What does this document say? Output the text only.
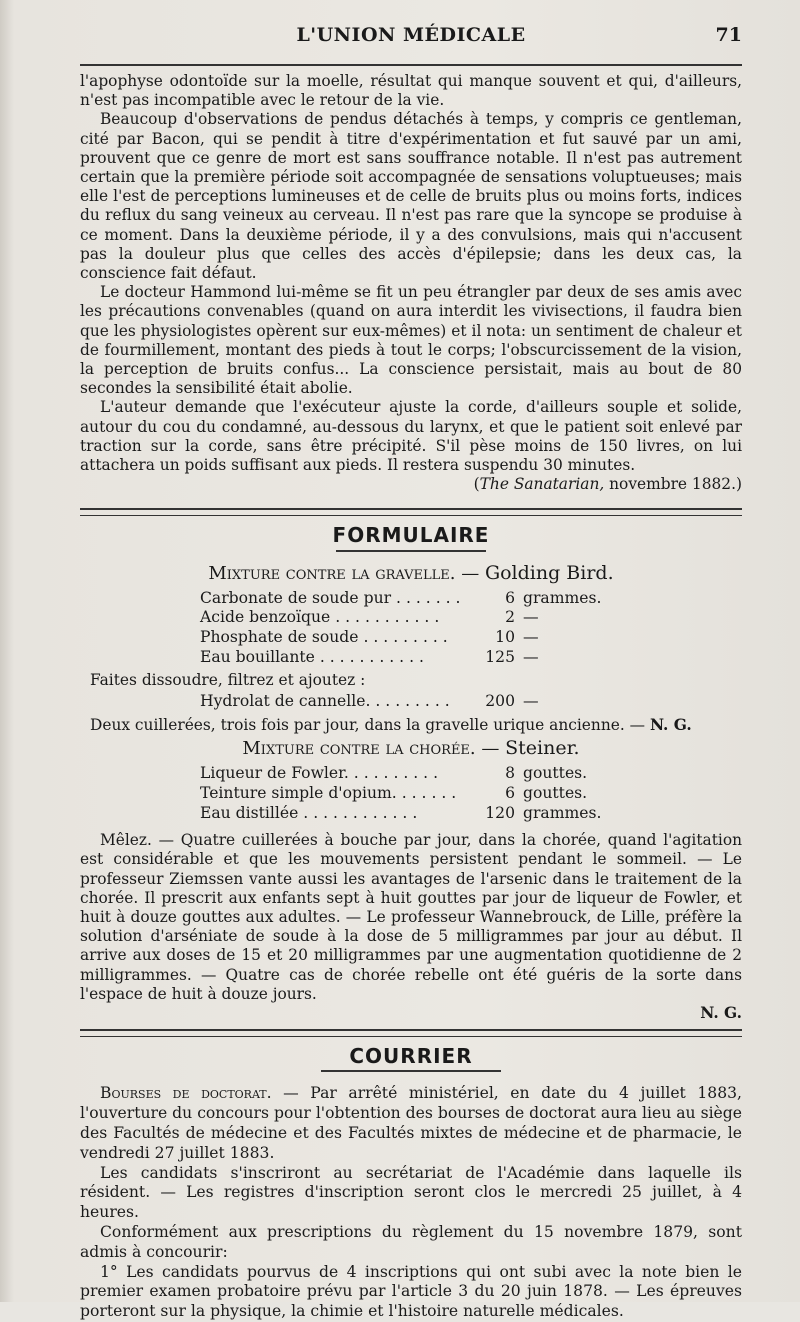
L'UNION MÉDICALE	71

l'apophyse odontoïde sur la moelle, résultat qui manque souvent et qui, d'ailleurs, n'est pas incompatible avec le retour de la vie.

Beaucoup d'observations de pendus détachés à temps, y compris ce gentleman, cité par Bacon, qui se pendit à titre d'expérimentation et fut sauvé par un ami, prouvent que ce genre de mort est sans souffrance notable. Il n'est pas autrement certain que la première période soit accompagnée de sensations voluptueuses; mais elle l'est de perceptions lumineuses et de celle de bruits plus ou moins forts, indices du reflux du sang veineux au cerveau. Il n'est pas rare que la syncope se produise à ce moment. Dans la deuxième période, il y a des convulsions, mais qui n'accusent pas la douleur plus que celles des accès d'épilepsie; dans les deux cas, la conscience fait défaut.

Le docteur Hammond lui-même se fit un peu étrangler par deux de ses amis avec les précautions convenables (quand on aura interdit les vivisections, il faudra bien que les physiologistes opèrent sur eux-mêmes) et il nota: un sentiment de chaleur et de fourmillement, montant des pieds à tout le corps; l'obscurcissement de la vision, la perception de bruits confus... La conscience persistait, mais au bout de 80 secondes la sensibilité était abolie.

L'auteur demande que l'exécuteur ajuste la corde, d'ailleurs souple et solide, autour du cou du condamné, au-dessous du larynx, et que le patient soit enlevé par traction sur la corde, sans être précipité. S'il pèse moins de 150 livres, on lui attachera un poids suffisant aux pieds. Il restera suspendu 30 minutes.

(The Sanatarian, novembre 1882.)

FORMULAIRE
Mixture contre la gravelle. — Golding Bird.
Carbonate de soude pur . . . . . . .	6	grammes.
Acide benzoïque . . . . . . . . . . .	2	—
Phosphate de soude . . . . . . . . .	10	—
Eau bouillante . . . . . . . . . . .	125	—

Faites dissoudre, filtrez et ajoutez :

Hydrolat de cannelle. . . . . . . . .	200	—

Deux cuillerées, trois fois par jour, dans la gravelle urique ancienne. — N. G.

Mixture contre la chorée. — Steiner.
Liqueur de Fowler. . . . . . . . . .	8	gouttes.
Teinture simple d'opium. . . . . . .	6	gouttes.
Eau distillée . . . . . . . . . . . .	120	grammes.

Mêlez. — Quatre cuillerées à bouche par jour, dans la chorée, quand l'agitation est considérable et que les mouvements persistent pendant le sommeil. — Le professeur Ziemssen vante aussi les avantages de l'arsenic dans le traitement de la chorée. Il prescrit aux enfants sept à huit gouttes par jour de liqueur de Fowler, et huit à douze gouttes aux adultes. — Le professeur Wannebrouck, de Lille, préfère la solution d'arséniate de soude à la dose de 5 milligrammes par jour au début. Il arrive aux doses de 15 et 20 milligrammes par une augmentation quotidienne de 2 milligrammes. — Quatre cas de chorée rebelle ont été guéris de la sorte dans l'espace de huit à douze jours.

N. G.

COURRIER

Bourses de doctorat. — Par arrêté ministériel, en date du 4 juillet 1883, l'ouverture du concours pour l'obtention des bourses de doctorat aura lieu au siège des Facultés de médecine et des Facultés mixtes de médecine et de pharmacie, le vendredi 27 juillet 1883.

Les candidats s'inscriront au secrétariat de l'Académie dans laquelle ils résident. — Les registres d'inscription seront clos le mercredi 25 juillet, à 4 heures.

Conformément aux prescriptions du règlement du 15 novembre 1879, sont admis à concourir:

1° Les candidats pourvus de 4 inscriptions qui ont subi avec la note bien le premier examen probatoire prévu par l'article 3 du 20 juin 1878. — Les épreuves porteront sur la physique, la chimie et l'histoire naturelle médicales.
